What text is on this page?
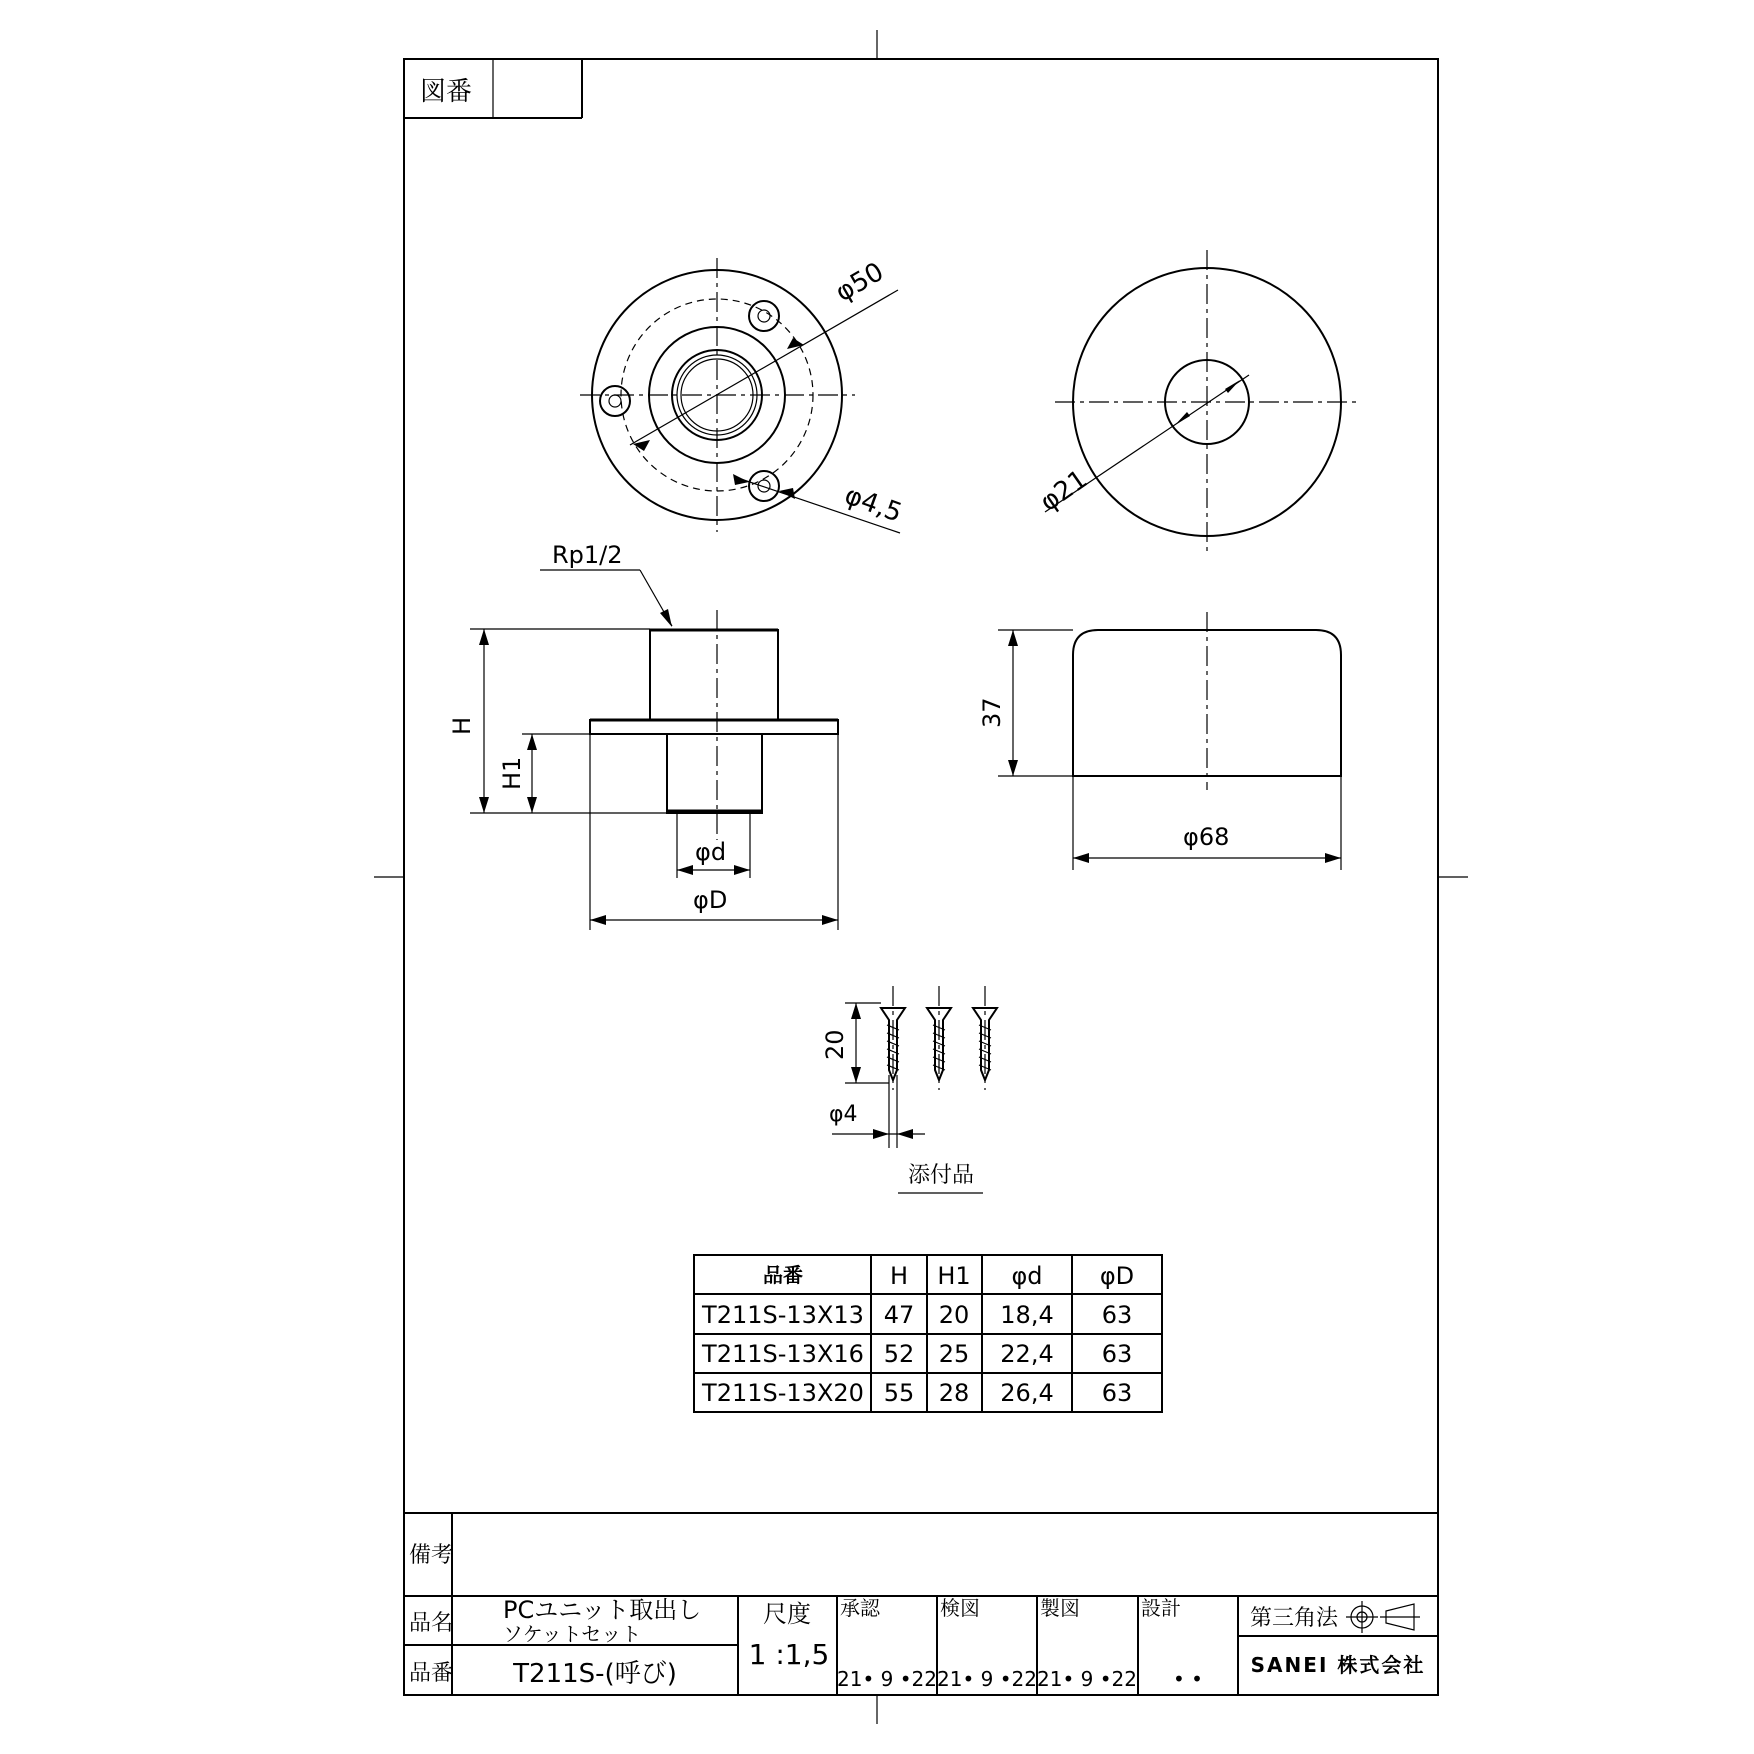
図番
φ50
φ4,5	φ21
Rp1/2
H
H1
φd
φD
37
φ68
20
φ4
添付品
品番	H H1 φd φD
T211S-13X13 47 20 18,4 63
T211S-13X16 52 25 22,4 63
T211S-13X20 55 28 26,4 63
備考
品名 PCユニット取出し
ソケットセット
品番 T211S-(呼び)
尺度
1 :1,5
承認
21• 9 •22
検図
21• 9 •22
製図
21• 9 •22
設計
• •
第三角法
SANEI 株式会社
